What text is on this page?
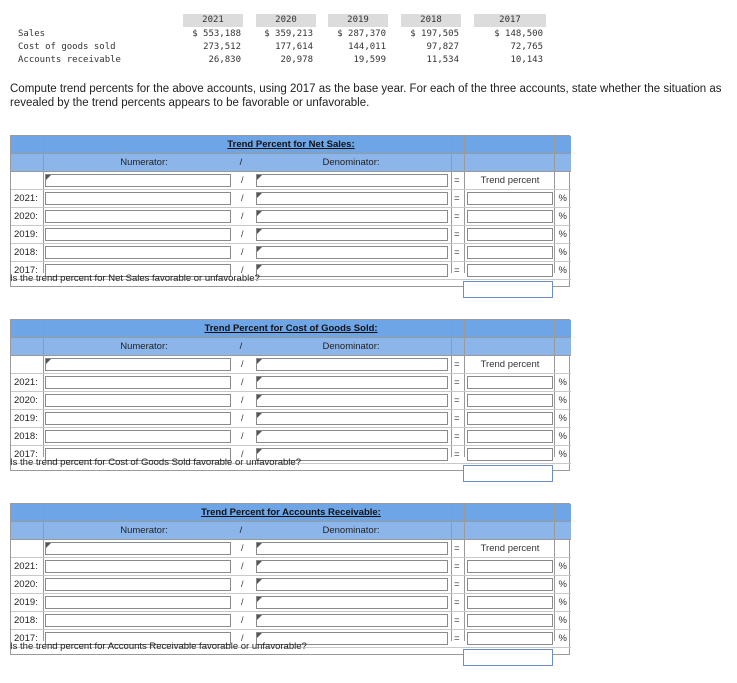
2021	2020	2019	2018	2017
Sales	$ 553,188	$ 359,213	$ 287,370	$ 197,505	$ 148,500
Cost of goods sold	273,512	177,614	144,011	97,827	72,765
Accounts receivable	26,830	20,978	19,599	11,534	10,143
Compute trend percents for the above accounts, using 2017 as the base year. For each of the three accounts, state whether the situation as revealed by the trend percents appears to be favorable or unfavorable.
Trend Percent for Net Sales:
Numerator:	/	Denominator:
/	=	Trend percent
2021:	/	=	%
2020:	/	=	%
2019:	/	=	%
2018:	/	=	%
2017:	/	=	%
Is the trend percent for Net Sales favorable or unfavorable?
Trend Percent for Cost of Goods Sold:
Numerator:	/	Denominator:
/	=	Trend percent
2021:	/	=	%
2020:	/	=	%
2019:	/	=	%
2018:	/	=	%
2017:	/	=	%
Is the trend percent for Cost of Goods Sold favorable or unfavorable?
Trend Percent for Accounts Receivable:
Numerator:	/	Denominator:
/	=	Trend percent
2021:	/	=	%
2020:	/	=	%
2019:	/	=	%
2018:	/	=	%
2017:	/	=	%
Is the trend percent for Accounts Receivable favorable or unfavorable?
